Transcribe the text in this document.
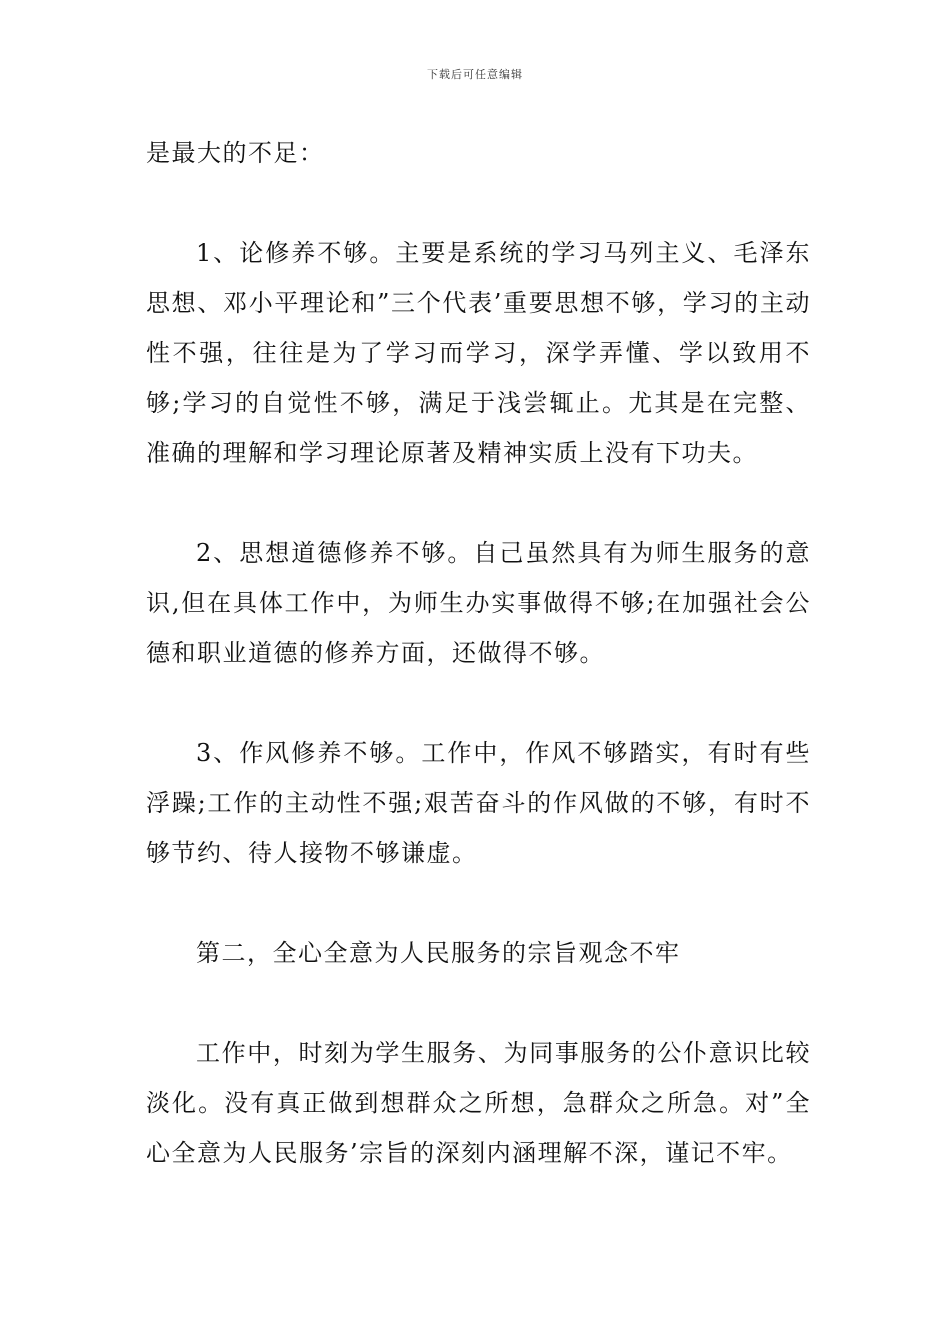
下载后可任意编辑

是最大的不足：

1、论修养不够。主要是系统的学习马列主义、毛泽东思想、邓小平理论和”三个代表’重要思想不够，学习的主动性不强，往往是为了学习而学习，深学弄懂、学以致用不够;学习的自觉性不够，满足于浅尝辄止。尤其是在完整、准确的理解和学习理论原著及精神实质上没有下功夫。

2、思想道德修养不够。自己虽然具有为师生服务的意识,但在具体工作中，为师生办实事做得不够;在加强社会公德和职业道德的修养方面，还做得不够。

3、作风修养不够。工作中，作风不够踏实，有时有些浮躁;工作的主动性不强;艰苦奋斗的作风做的不够，有时不够节约、待人接物不够谦虚。

第二，全心全意为人民服务的宗旨观念不牢

工作中，时刻为学生服务、为同事服务的公仆意识比较淡化。没有真正做到想群众之所想，急群众之所急。对”全心全意为人民服务’宗旨的深刻内涵理解不深，谨记不牢。
